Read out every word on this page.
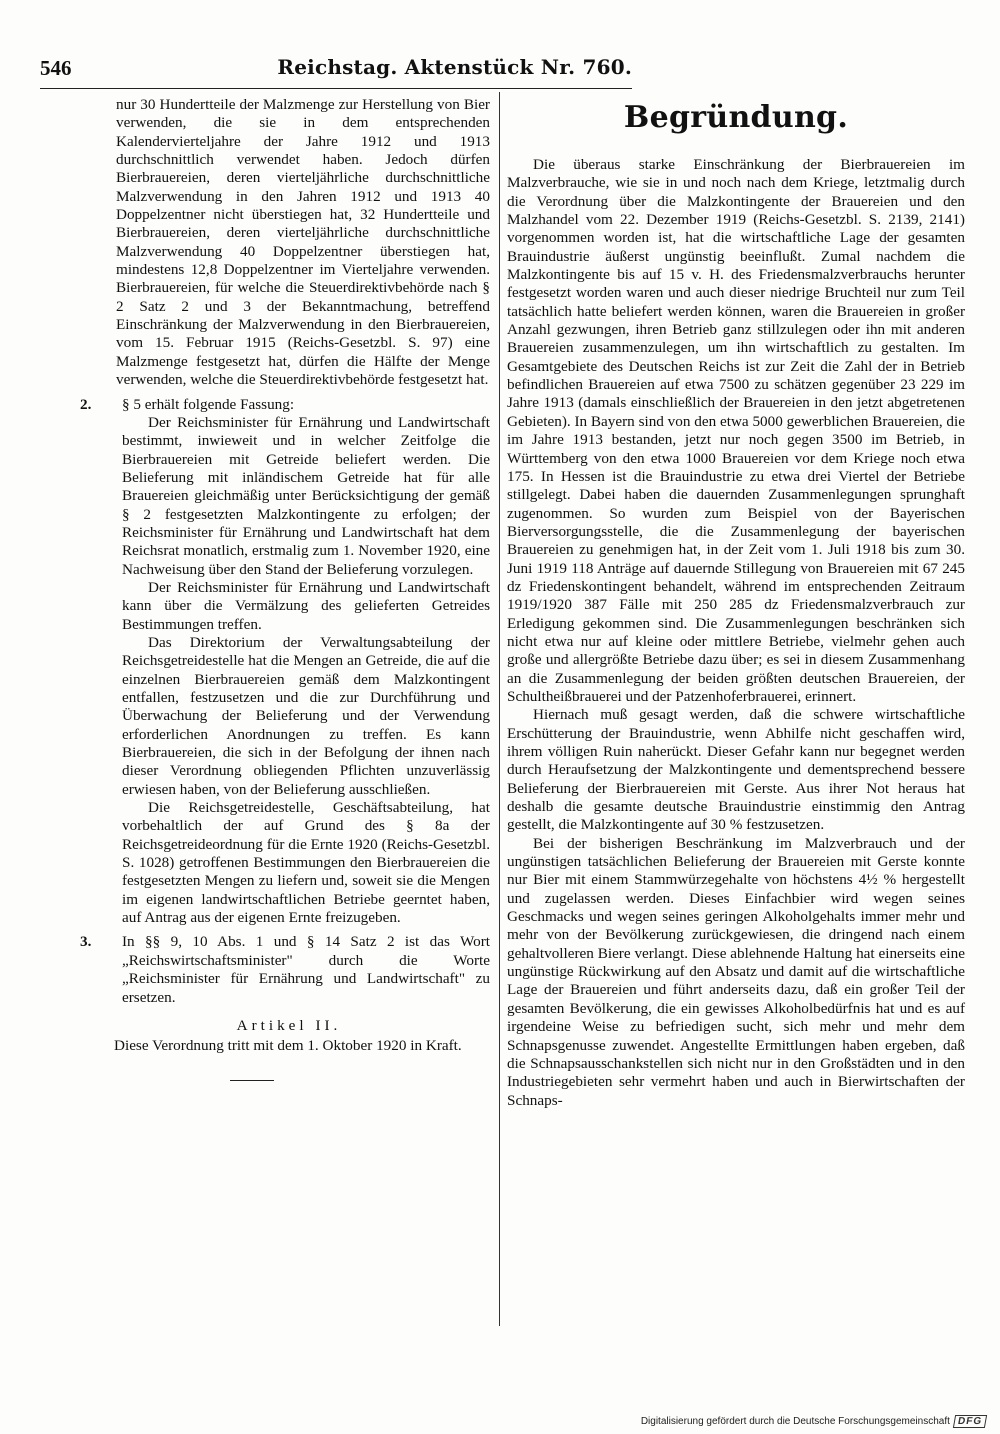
546	Reichstag. Aktenstück Nr. 760.

nur 30 Hundertteile der Malzmenge zur Herstellung von Bier verwenden, die sie in dem entsprechenden Kalendervierteljahre der Jahre 1912 und 1913 durchschnittlich verwendet haben. Jedoch dürfen Bierbrauereien, deren vierteljährliche durchschnittliche Malzverwendung in den Jahren 1912 und 1913 40 Doppelzentner nicht überstiegen hat, 32 Hundertteile und Bierbrauereien, deren vierteljährliche durchschnittliche Malzverwendung 40 Doppelzentner überstiegen hat, mindestens 12,8 Doppelzentner im Vierteljahre verwenden. Bierbrauereien, für welche die Steuerdirektivbehörde nach § 2 Satz 2 und 3 der Bekanntmachung, betreffend Einschränkung der Malzverwendung in den Bierbrauereien, vom 15. Februar 1915 (Reichs-Gesetzbl. S. 97) eine Malzmenge festgesetzt hat, dürfen die Hälfte der Menge verwenden, welche die Steuerdirektivbehörde festgesetzt hat.

2. § 5 erhält folgende Fassung:

Der Reichsminister für Ernährung und Landwirtschaft bestimmt, inwieweit und in welcher Zeitfolge die Bierbrauereien mit Getreide beliefert werden. Die Belieferung mit inländischem Getreide hat für alle Brauereien gleichmäßig unter Berücksichtigung der gemäß § 2 festgesetzten Malzkontingente zu erfolgen; der Reichsminister für Ernährung und Landwirtschaft hat dem Reichsrat monatlich, erstmalig zum 1. November 1920, eine Nachweisung über den Stand der Belieferung vorzulegen.

Der Reichsminister für Ernährung und Landwirtschaft kann über die Vermälzung des gelieferten Getreides Bestimmungen treffen.

Das Direktorium der Verwaltungsabteilung der Reichsgetreidestelle hat die Mengen an Getreide, die auf die einzelnen Bierbrauereien gemäß dem Malzkontingent entfallen, festzusetzen und die zur Durchführung und Überwachung der Belieferung und der Verwendung erforderlichen Anordnungen zu treffen. Es kann Bierbrauereien, die sich in der Befolgung der ihnen nach dieser Verordnung obliegenden Pflichten unzuverlässig erwiesen haben, von der Belieferung ausschließen.

Die Reichsgetreidestelle, Geschäftsabteilung, hat vorbehaltlich der auf Grund des § 8a der Reichsgetreideordnung für die Ernte 1920 (Reichs-Gesetzbl. S. 1028) getroffenen Bestimmungen den Bierbrauereien die festgesetzten Mengen zu liefern und, soweit sie die Mengen im eigenen landwirtschaftlichen Betriebe geerntet haben, auf Antrag aus der eigenen Ernte freizugeben.

3. In §§ 9, 10 Abs. 1 und § 14 Satz 2 ist das Wort „Reichswirtschaftsminister" durch die Worte „Reichsminister für Ernährung und Landwirtschaft" zu ersetzen.

Artikel II.

Diese Verordnung tritt mit dem 1. Oktober 1920 in Kraft.

Begründung.

Die überaus starke Einschränkung der Bierbrauereien im Malzverbrauche, wie sie in und noch nach dem Kriege, letztmalig durch die Verordnung über die Malzkontingente der Brauereien und den Malzhandel vom 22. Dezember 1919 (Reichs-Gesetzbl. S. 2139, 2141) vorgenommen worden ist, hat die wirtschaftliche Lage der gesamten Brauindustrie äußerst ungünstig beeinflußt. Zumal nachdem die Malzkontingente bis auf 15 v. H. des Friedensmalzverbrauchs herunter festgesetzt worden waren und auch dieser niedrige Bruchteil nur zum Teil tatsächlich hatte beliefert werden können, waren die Brauereien in großer Anzahl gezwungen, ihren Betrieb ganz stillzulegen oder ihn mit anderen Brauereien zusammenzulegen, um ihn wirtschaftlich zu gestalten. Im Gesamtgebiete des Deutschen Reichs ist zur Zeit die Zahl der in Betrieb befindlichen Brauereien auf etwa 7500 zu schätzen gegenüber 23 229 im Jahre 1913 (damals einschließlich der Brauereien in den jetzt abgetretenen Gebieten). In Bayern sind von den etwa 5000 gewerblichen Brauereien, die im Jahre 1913 bestanden, jetzt nur noch gegen 3500 im Betrieb, in Württemberg von den etwa 1000 Brauereien vor dem Kriege noch etwa 175. In Hessen ist die Brauindustrie zu etwa drei Viertel der Betriebe stillgelegt. Dabei haben die dauernden Zusammenlegungen sprunghaft zugenommen. So wurden zum Beispiel von der Bayerischen Bierversorgungsstelle, die die Zusammenlegung der bayerischen Brauereien zu genehmigen hat, in der Zeit vom 1. Juli 1918 bis zum 30. Juni 1919 118 Anträge auf dauernde Stillegung von Brauereien mit 67 245 dz Friedenskontingent behandelt, während im entsprechenden Zeitraum 1919/1920 387 Fälle mit 250 285 dz Friedensmalzverbrauch zur Erledigung gekommen sind. Die Zusammenlegungen beschränken sich nicht etwa nur auf kleine oder mittlere Betriebe, vielmehr gehen auch große und allergrößte Betriebe dazu über; es sei in diesem Zusammenhang an die Zusammenlegung der beiden größten deutschen Brauereien, der Schultheißbrauerei und der Patzenhoferbrauerei, erinnert.

Hiernach muß gesagt werden, daß die schwere wirtschaftliche Erschütterung der Brauindustrie, wenn Abhilfe nicht geschaffen wird, ihrem völligen Ruin naherückt. Dieser Gefahr kann nur begegnet werden durch Heraufsetzung der Malzkontingente und dementsprechend bessere Belieferung der Bierbrauereien mit Gerste. Aus ihrer Not heraus hat deshalb die gesamte deutsche Brauindustrie einstimmig den Antrag gestellt, die Malzkontingente auf 30 % festzusetzen.

Bei der bisherigen Beschränkung im Malzverbrauch und der ungünstigen tatsächlichen Belieferung der Brauereien mit Gerste konnte nur Bier mit einem Stammwürzegehalte von höchstens 4½ % hergestellt und zugelassen werden. Dieses Einfachbier wird wegen seines Geschmacks und wegen seines geringen Alkoholgehalts immer mehr und mehr von der Bevölkerung zurückgewiesen, die dringend nach einem gehaltvolleren Biere verlangt. Diese ablehnende Haltung hat einerseits eine ungünstige Rückwirkung auf den Absatz und damit auf die wirtschaftliche Lage der Brauereien und führt anderseits dazu, daß ein großer Teil der gesamten Bevölkerung, die ein gewisses Alkoholbedürfnis hat und es auf irgendeine Weise zu befriedigen sucht, sich mehr und mehr dem Schnapsgenusse zuwendet. Angestellte Ermittlungen haben ergeben, daß die Schnapsausschankstellen sich nicht nur in den Großstädten und in den Industriegebieten sehr vermehrt haben und auch in Bierwirtschaften der Schnaps-

Digitalisierung gefördert durch die Deutsche Forschungsgemeinschaft DFG
